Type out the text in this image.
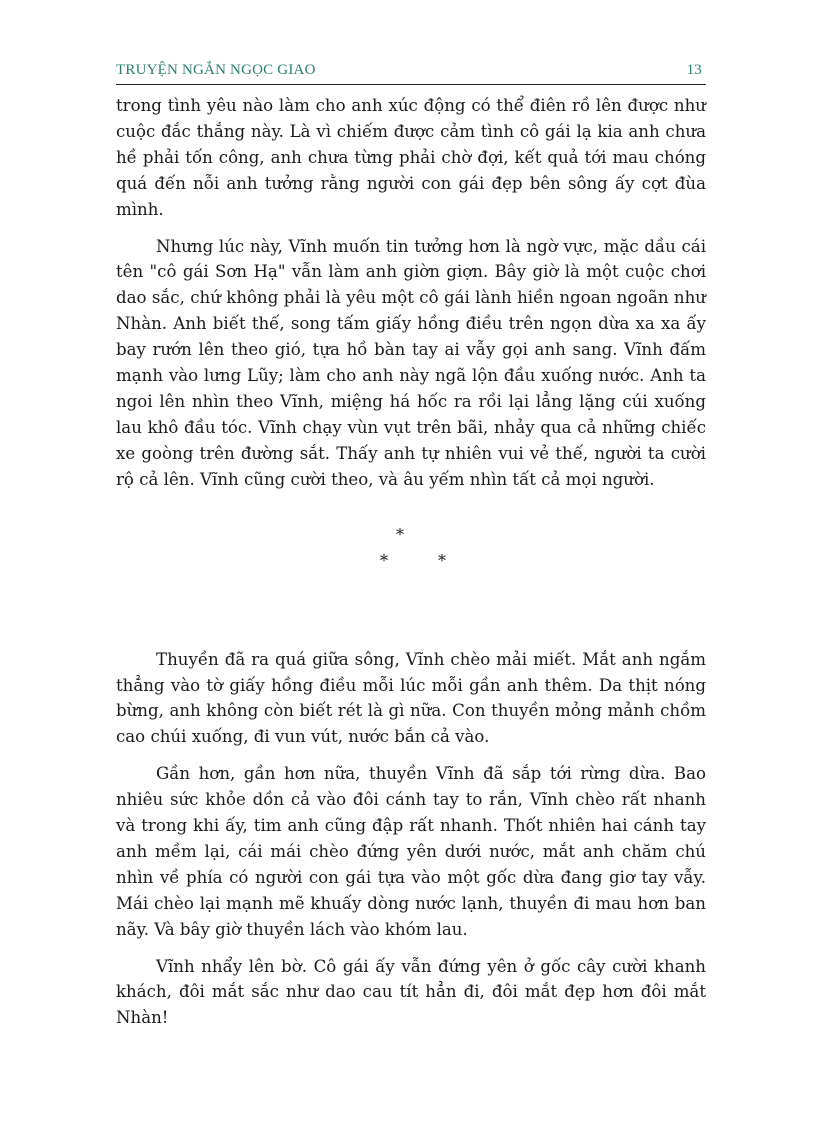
TRUYỆN NGẮN NGỌC GIAO	13

trong tình yêu nào làm cho anh xúc động có thể điên rồ lên được như cuộc đắc thắng này. Là vì chiếm được cảm tình cô gái lạ kia anh chưa hề phải tốn công, anh chưa từng phải chờ đợi, kết quả tới mau chóng quá đến nỗi anh tưởng rằng người con gái đẹp bên sông ấy cợt đùa mình.

Nhưng lúc này, Vĩnh muốn tin tưởng hơn là ngờ vực, mặc dầu cái tên "cô gái Sơn Hạ" vẫn làm anh giờn giợn. Bây giờ là một cuộc chơi dao sắc, chứ không phải là yêu một cô gái lành hiền ngoan ngoãn như Nhàn. Anh biết thế, song tấm giấy hồng điều trên ngọn dừa xa xa ấy bay rướn lên theo gió, tựa hồ bàn tay ai vẫy gọi anh sang. Vĩnh đấm mạnh vào lưng Lũy; làm cho anh này ngã lộn đầu xuống nước. Anh ta ngoi lên nhìn theo Vĩnh, miệng há hốc ra rồi lại lẳng lặng cúi xuống lau khô đầu tóc. Vĩnh chạy vùn vụt trên bãi, nhảy qua cả những chiếc xe goòng trên đường sắt. Thấy anh tự nhiên vui vẻ thế, người ta cười rộ cả lên. Vĩnh cũng cười theo, và âu yếm nhìn tất cả mọi người.

*
*	*

Thuyền đã ra quá giữa sông, Vĩnh chèo mải miết. Mắt anh ngắm thẳng vào tờ giấy hồng điều mỗi lúc mỗi gần anh thêm. Da thịt nóng bừng, anh không còn biết rét là gì nữa. Con thuyền mỏng mảnh chồm cao chúi xuống, đi vun vút, nước bắn cả vào.

Gần hơn, gần hơn nữa, thuyền Vĩnh đã sắp tới rừng dừa. Bao nhiêu sức khỏe dồn cả vào đôi cánh tay to rắn, Vĩnh chèo rất nhanh và trong khi ấy, tim anh cũng đập rất nhanh. Thốt nhiên hai cánh tay anh mềm lại, cái mái chèo đứng yên dưới nước, mắt anh chăm chú nhìn về phía có người con gái tựa vào một gốc dừa đang giơ tay vẫy. Mái chèo lại mạnh mẽ khuấy dòng nước lạnh, thuyền đi mau hơn ban nãy. Và bây giờ thuyền lách vào khóm lau.

Vĩnh nhẩy lên bờ. Cô gái ấy vẫn đứng yên ở gốc cây cười khanh khách, đôi mắt sắc như dao cau tít hẳn đi, đôi mắt đẹp hơn đôi mắt Nhàn!
